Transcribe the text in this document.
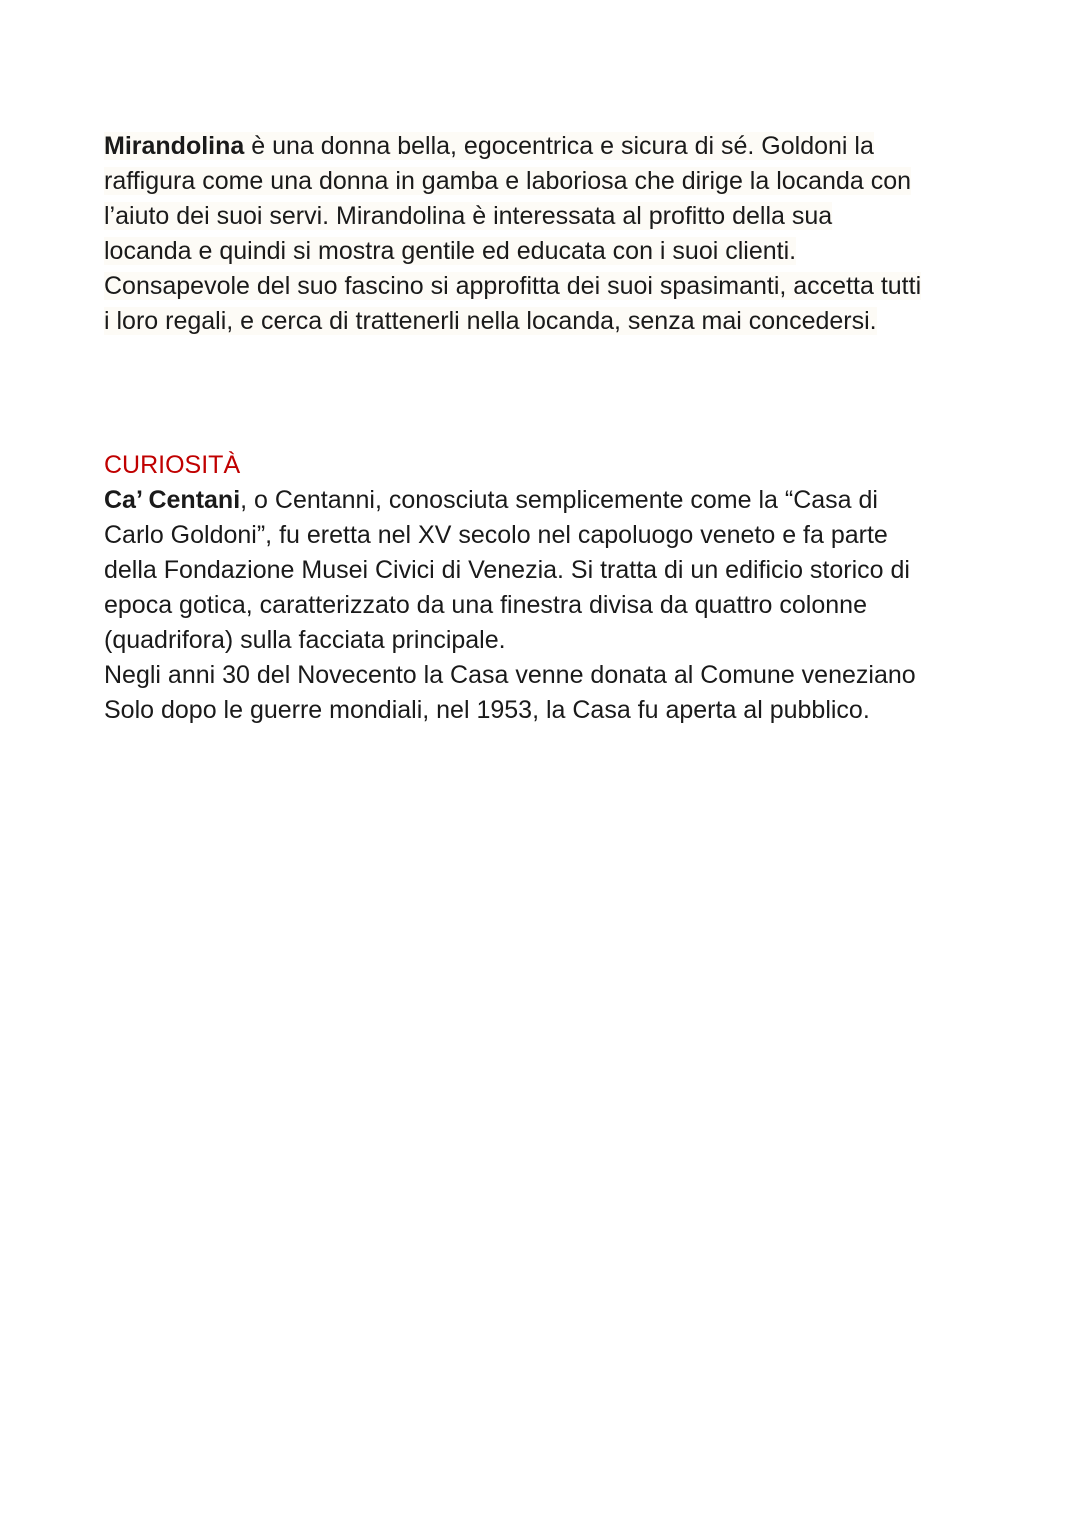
Mirandolina è una donna bella, egocentrica e sicura di sé. Goldoni la
raffigura come una donna in gamba e laboriosa che dirige la locanda con
l’aiuto dei suoi servi. Mirandolina è interessata al profitto della sua
locanda e quindi si mostra gentile ed educata con i suoi clienti.
Consapevole del suo fascino si approfitta dei suoi spasimanti, accetta tutti
i loro regali, e cerca di trattenerli nella locanda, senza mai concedersi.
CURIOSITÀ
Ca’ Centani, o Centanni, conosciuta semplicemente come la “Casa di
Carlo Goldoni”, fu eretta nel XV secolo nel capoluogo veneto e fa parte
della Fondazione Musei Civici di Venezia. Si tratta di un edificio storico di
epoca gotica, caratterizzato da una finestra divisa da quattro colonne
(quadrifora) sulla facciata principale.
Negli anni 30 del Novecento la Casa venne donata al Comune veneziano
Solo dopo le guerre mondiali, nel 1953, la Casa fu aperta al pubblico.
